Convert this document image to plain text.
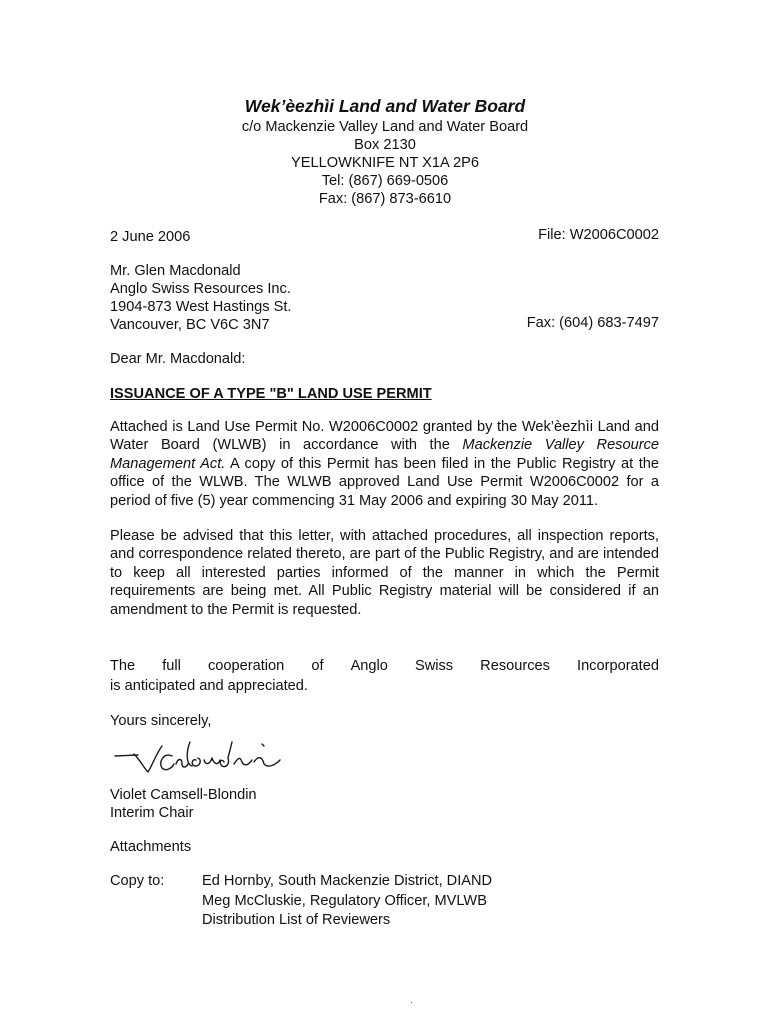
Wek’èezhìi Land and Water Board
c/o Mackenzie Valley Land and Water Board
Box 2130
YELLOWKNIFE NT X1A 2P6
Tel: (867) 669-0506
Fax: (867) 873-6610
2 June 2006	File: W2006C0002
Mr. Glen Macdonald
Anglo Swiss Resources Inc.
1904-873 West Hastings St.
Vancouver, BC V6C 3N7	Fax: (604) 683-7497
Dear Mr. Macdonald:
ISSUANCE OF A TYPE "B" LAND USE PERMIT
Attached is Land Use Permit No. W2006C0002 granted by the Wek’èezhìi Land and Water Board (WLWB) in accordance with the Mackenzie Valley Resource Management Act. A copy of this Permit has been filed in the Public Registry at the office of the WLWB. The WLWB approved Land Use Permit W2006C0002 for a period of five (5) year commencing 31 May 2006 and expiring 30 May 2011.
Please be advised that this letter, with attached procedures, all inspection reports, and correspondence related thereto, are part of the Public Registry, and are intended to keep all interested parties informed of the manner in which the Permit requirements are being met. All Public Registry material will be considered if an amendment to the Permit is requested.
The full cooperation of Anglo Swiss Resources Incorporated
is anticipated and appreciated.
Yours sincerely,
Violet Camsell-Blondin
Interim Chair
Attachments
Copy to:	Ed Hornby, South Mackenzie District, DIAND
Meg McCluskie, Regulatory Officer, MVLWB
Distribution List of Reviewers
